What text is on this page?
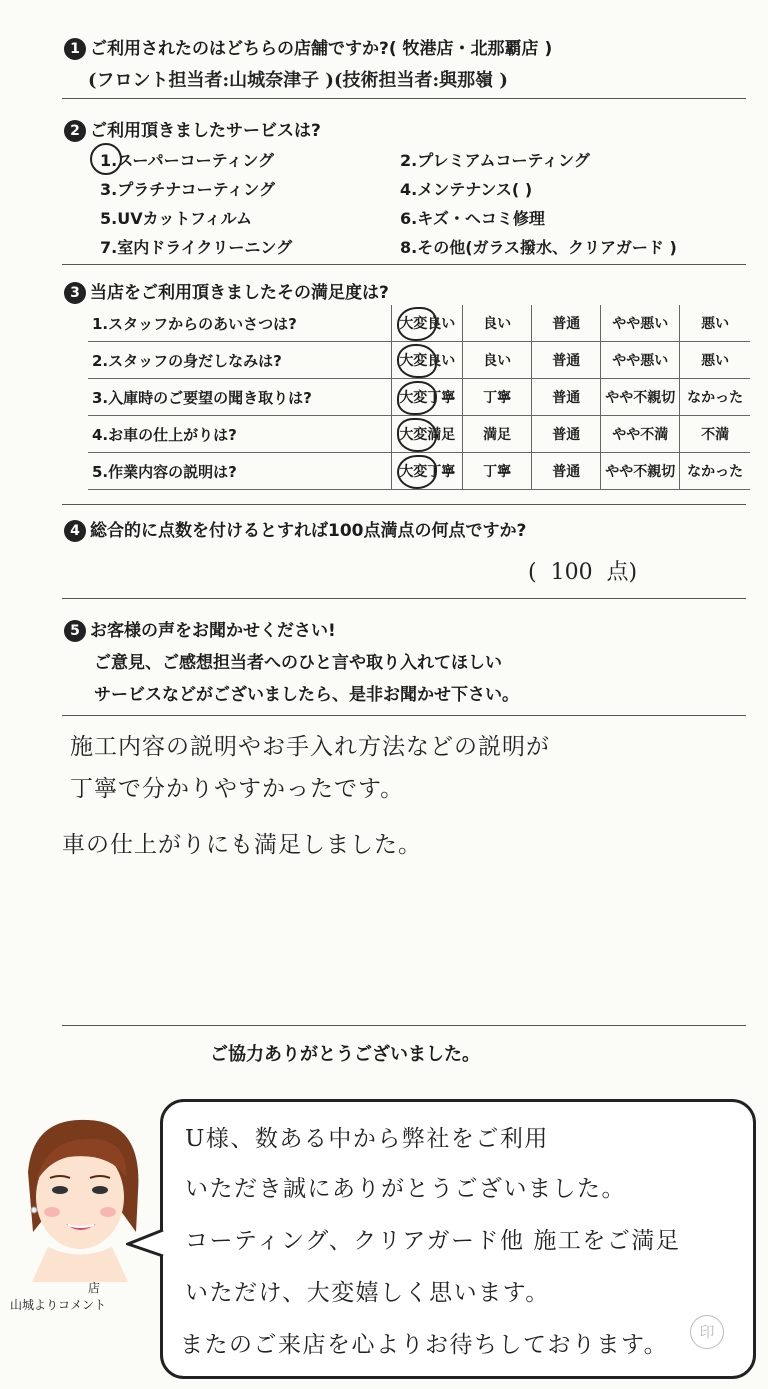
1 ご利用されたのはどちらの店舗ですか?( 牧港店・北那覇店 )
(フロント担当者:山城奈津子 )(技術担当者:與那嶺 )
2 ご利用頂きましたサービスは?
1.スーパーコーティング	2.プレミアムコーティング
3.プラチナコーティング	4.メンテナンス( )
5.UVカットフィルム	6.キズ・ヘコミ修理
7.室内ドライクリーニング	8.その他(ガラス撥水、クリアガード )
3 当店をご利用頂きましたその満足度は?
1.スタッフからのあいさつは?	大変良い	良い	普通	やや悪い	悪い
2.スタッフの身だしなみは?	大変良い	良い	普通	やや悪い	悪い
3.入庫時のご要望の聞き取りは?	大変丁寧	丁寧	普通	やや不親切	なかった
4.お車の仕上がりは?	大変満足	満足	普通	やや不満	不満
5.作業内容の説明は?	大変丁寧	丁寧	普通	やや不親切	なかった
4 総合的に点数を付けるとすれば100点満点の何点ですか?
(  100  点)
5 お客様の声をお聞かせください!
ご意見、ご感想担当者へのひと言や取り入れてほしい
サービスなどがございましたら、是非お聞かせ下さい。
施工内容の説明やお手入れ方法などの説明が
丁寧で分かりやすかったです。
車の仕上がりにも満足しました。
ご協力ありがとうございました。
店
山城よりコメント
U様、数ある中から弊社をご利用
いただき誠にありがとうございました。
コーティング、クリアガード他 施工をご満足
いただけ、大変嬉しく思います。
またのご来店を心よりお待ちしております。	印
